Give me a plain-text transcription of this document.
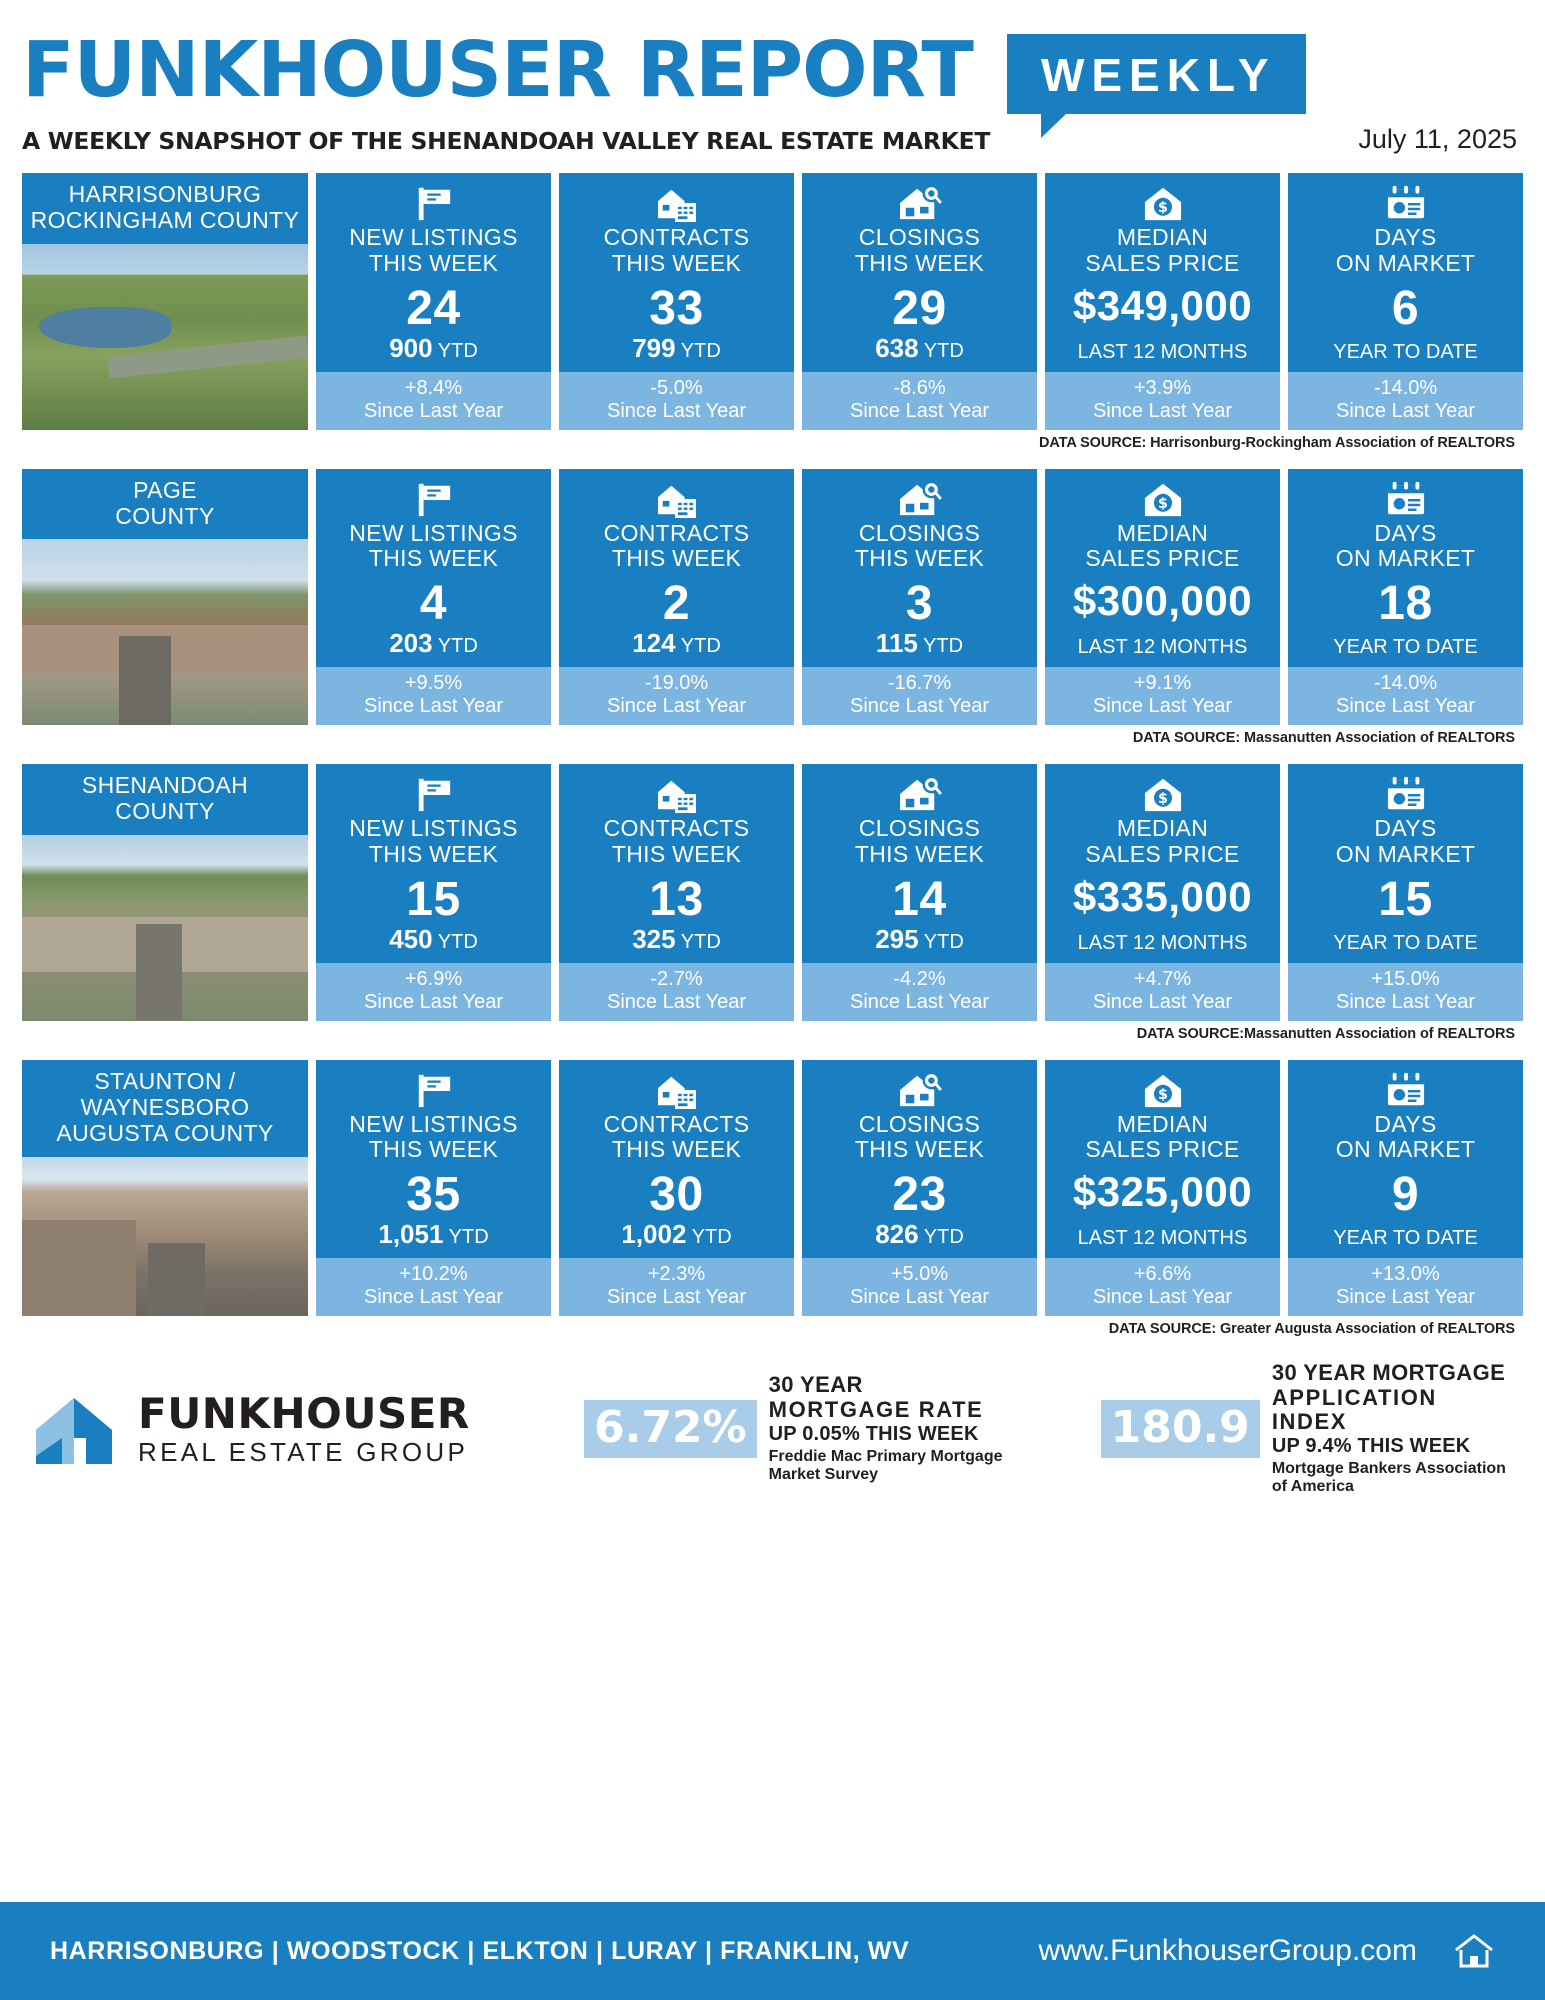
FUNKHOUSER REPORT	WEEKLY
A WEEKLY SNAPSHOT OF THE SHENANDOAH VALLEY REAL ESTATE MARKET	July 11, 2025
HARRISONBURG
ROCKINGHAM COUNTY
NEW LISTINGS
THIS WEEK
24
900 YTD
+8.4%
Since Last Year
CONTRACTS
THIS WEEK
33
799 YTD
-5.0%
Since Last Year
CLOSINGS
THIS WEEK
29
638 YTD
-8.6%
Since Last Year
$
MEDIAN
SALES PRICE
$349,000
LAST 12 MONTHS
+3.9%
Since Last Year
DAYS
ON MARKET
6
YEAR TO DATE
-14.0%
Since Last Year
DATA SOURCE: Harrisonburg-Rockingham Association of REALTORS
PAGE
COUNTY
NEW LISTINGS
THIS WEEK
4
203 YTD
+9.5%
Since Last Year
CONTRACTS
THIS WEEK
2
124 YTD
-19.0%
Since Last Year
CLOSINGS
THIS WEEK
3
115 YTD
-16.7%
Since Last Year
$
MEDIAN
SALES PRICE
$300,000
LAST 12 MONTHS
+9.1%
Since Last Year
DAYS
ON MARKET
18
YEAR TO DATE
-14.0%
Since Last Year
DATA SOURCE: Massanutten Association of REALTORS
SHENANDOAH
COUNTY
NEW LISTINGS
THIS WEEK
15
450 YTD
+6.9%
Since Last Year
CONTRACTS
THIS WEEK
13
325 YTD
-2.7%
Since Last Year
CLOSINGS
THIS WEEK
14
295 YTD
-4.2%
Since Last Year
$
MEDIAN
SALES PRICE
$335,000
LAST 12 MONTHS
+4.7%
Since Last Year
DAYS
ON MARKET
15
YEAR TO DATE
+15.0%
Since Last Year
DATA SOURCE:Massanutten Association of REALTORS
STAUNTON / WAYNESBORO
AUGUSTA COUNTY	NEW LISTINGS
THIS WEEK
35
1,051 YTD
+10.2%
Since Last Year
CONTRACTS
THIS WEEK
30
1,002 YTD
+2.3%
Since Last Year
CLOSINGS
THIS WEEK
23
826 YTD
+5.0%
Since Last Year
$
MEDIAN
SALES PRICE
$325,000
LAST 12 MONTHS
+6.6%
Since Last Year
DAYS
ON MARKET
9
YEAR TO DATE
+13.0%
Since Last Year
DATA SOURCE: Greater Augusta Association of REALTORS
FUNKHOUSER
REAL ESTATE GROUP	6.72%
30 YEAR
MORTGAGE RATE
UP 0.05% THIS WEEK
Freddie Mac Primary Mortgage Market Survey
180.9
30 YEAR MORTGAGE
APPLICATION INDEX
UP 9.4% THIS WEEK
Mortgage Bankers Association of America
HARRISONBURG | WOODSTOCK | ELKTON | LURAY | FRANKLIN, WV	www.FunkhouserGroup.com
